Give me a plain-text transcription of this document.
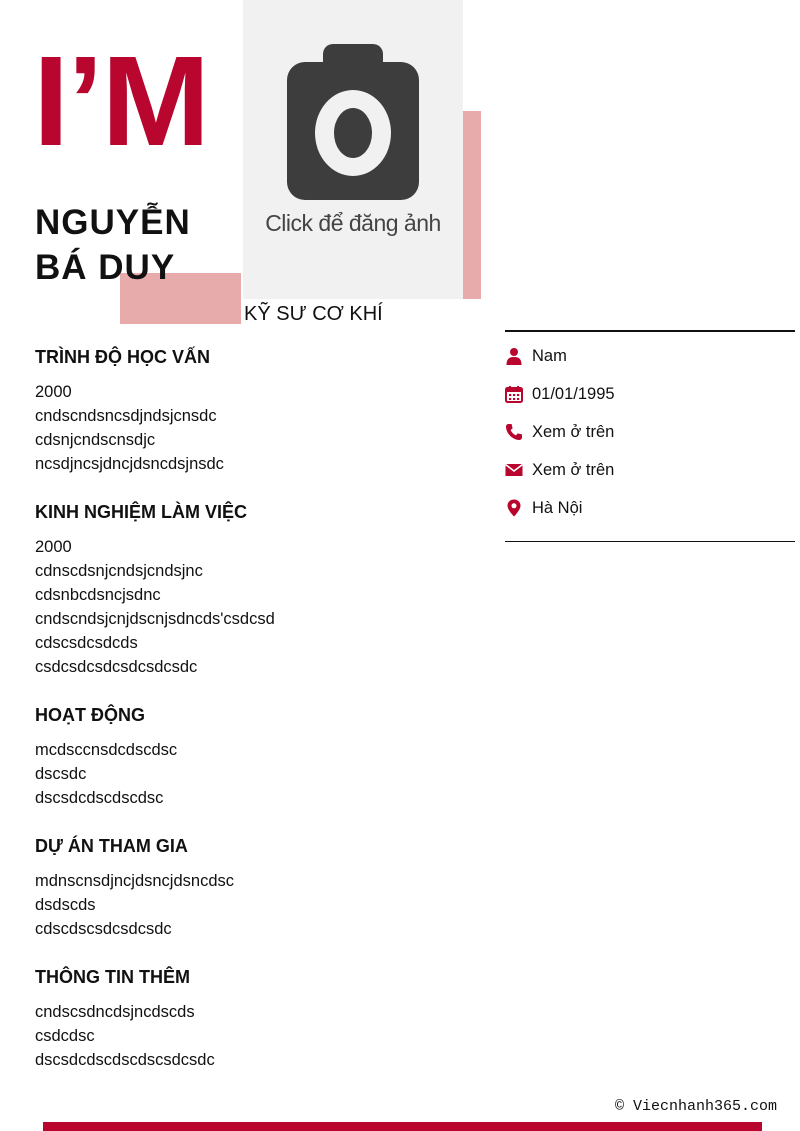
I’M
Click để đăng ảnh
NGUYỄN BÁ DUY
KỸ SƯ CƠ KHÍ
TRÌNH ĐỘ HỌC VẤN
2000
cndscndsncsdjndsjcnsdc
cdsnjcndscnsdjc
ncsdjncsjdncjdsncdsjnsdc
KINH NGHIỆM LÀM VIỆC
2000
cdnscdsnjcndsjcndsjnc
cdsnbcdsncjsdnc
cndscndsjcnjdscnjsdncds'csdcsd
cdscsdcsdcds
csdcsdcsdcsdcsdcsdc
HOẠT ĐỘNG
mcdsccnsdcdscdsc
dscsdc
dscsdcdscdscdsc
DỰ ÁN THAM GIA
mdnscnsdjncjdsncjdsncdsc
dsdscds
cdscdscsdcsdcsdc
THÔNG TIN THÊM
cndscsdncdsjncdscds
csdcdsc
dscsdcdscdscdscsdcsdc
Nam
01/01/1995
Xem ở trên
Xem ở trên
Hà Nội
© Viecnhanh365.com
